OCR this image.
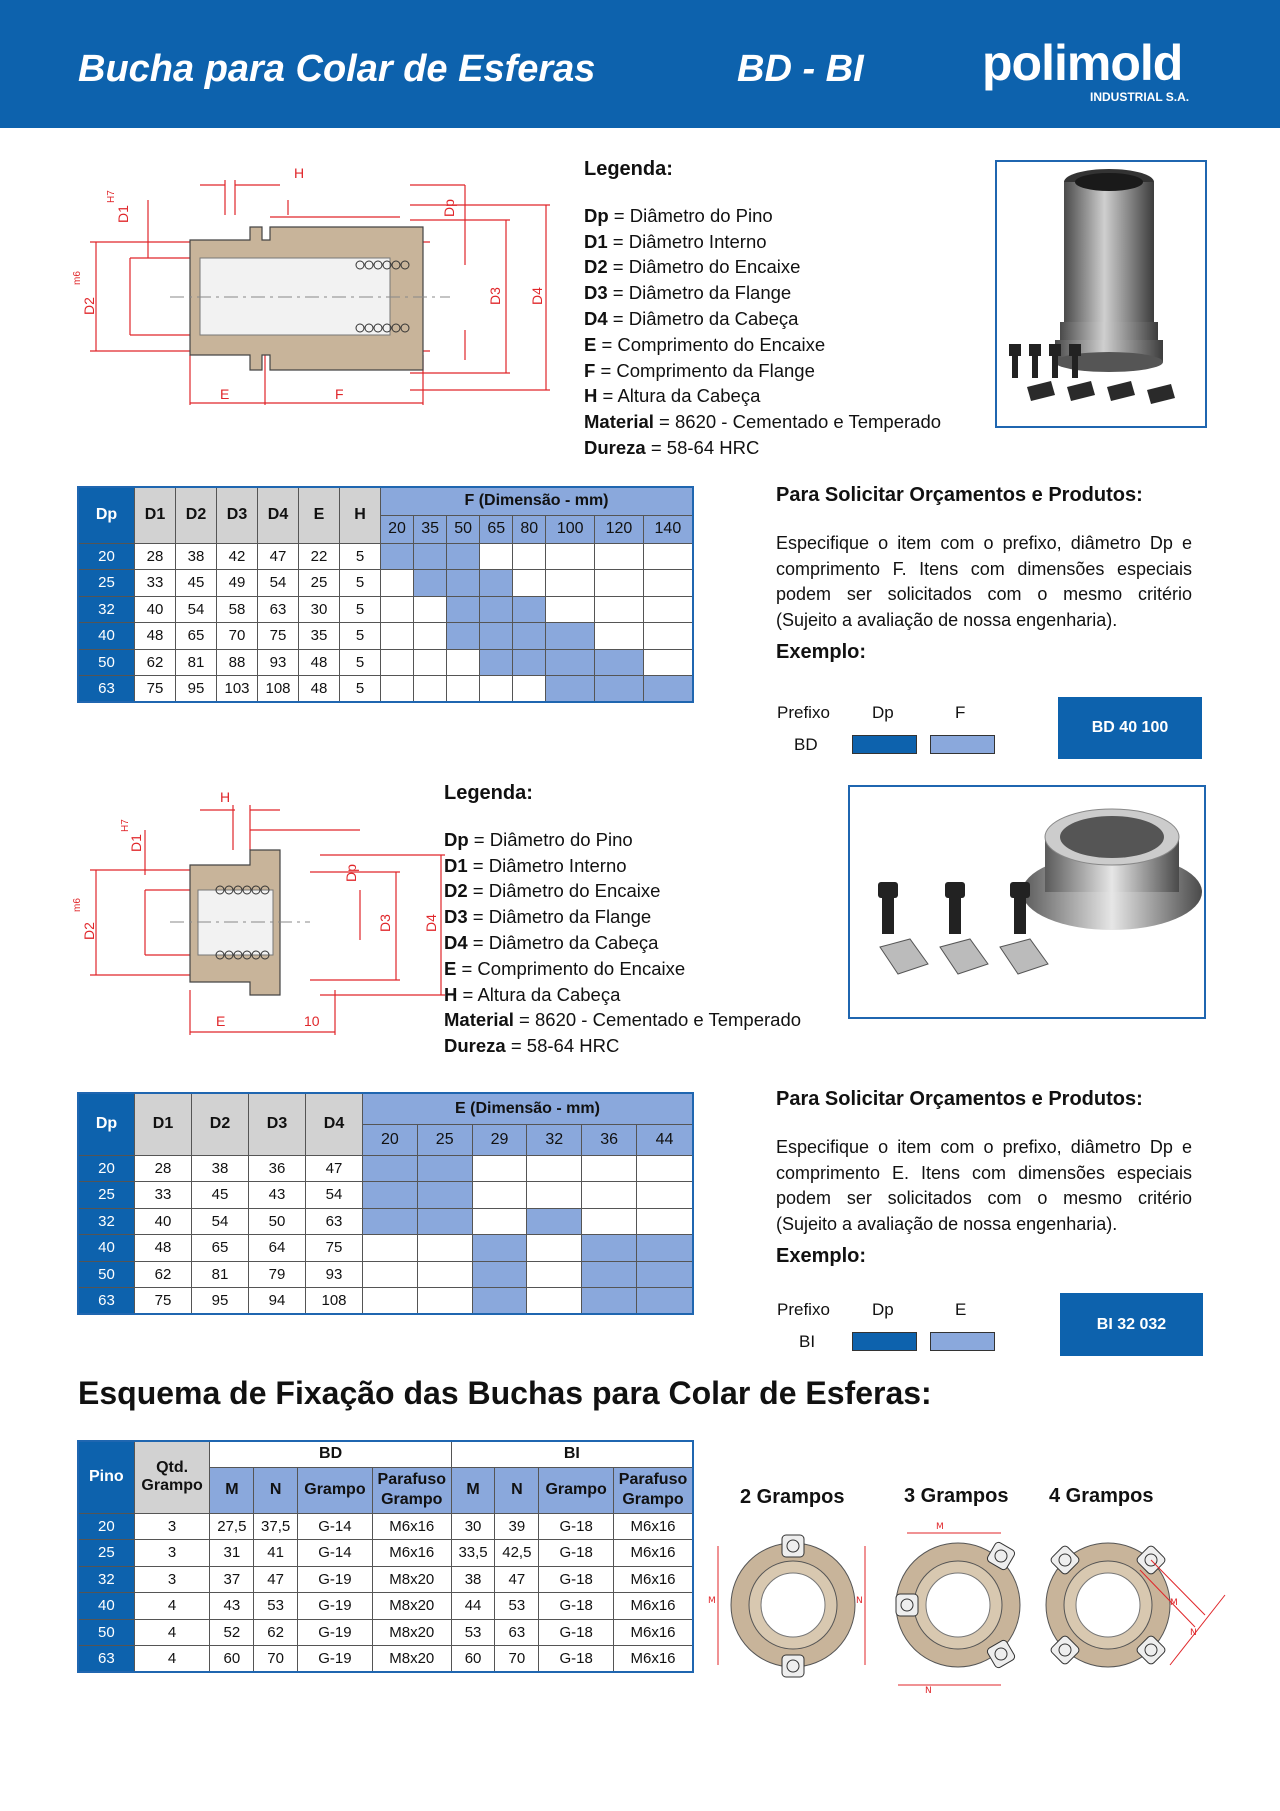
Bucha para Colar de Esferas	BD - BI polimold
INDUSTRIAL S.A.
H
D1
H7
D2
m6
Dp
D3 D4
E	F
Legenda:
Dp = Diâmetro do Pino
D1 = Diâmetro Interno
D2 = Diâmetro do Encaixe
D3 = Diâmetro da Flange
D4 = Diâmetro da Cabeça
E = Comprimento do Encaixe
F = Comprimento da Flange
H = Altura da Cabeça
Material = 8620 - Cementado e Temperado
Dureza = 58-64 HRC
Dp	D1	D2	D3	D4	E	H	F (Dimensão - mm)							
							20	35	50	65	80	100	120	140
20	28	38	42	47	22	5								
25	33	45	49	54	25	5								
32	40	54	58	63	30	5								
40	48	65	70	75	35	5								
50	62	81	88	93	48	5								
63	75	95	103	108	48	5								
Para Solicitar Orçamentos e Produtos:
Especifique o item com o prefixo, diâmetro Dp e comprimento F. Itens com dimensões especiais podem ser solicitados com o mesmo critério (Sujeito a avaliação de nossa engenharia).
Exemplo:
Prefixo Dp	F
BD
BD 40 100
H
D1
H7
D2
m6
Dp
D3 D4
E	10
Legenda:
Dp = Diâmetro do Pino
D1 = Diâmetro Interno
D2 = Diâmetro do Encaixe
D3 = Diâmetro da Flange
D4 = Diâmetro da Cabeça
E = Comprimento do Encaixe
H = Altura da Cabeça
Material = 8620 - Cementado e Temperado
Dureza = 58-64 HRC
Dp	D1	D2	D3	D4	E (Dimensão - mm)					
					20	25	29	32	36	44
20	28	38	36	47						
25	33	45	43	54						
32	40	54	50	63						
40	48	65	64	75						
50	62	81	79	93						
63	75	95	94	108						
Para Solicitar Orçamentos e Produtos:
Especifique o item com o prefixo, diâmetro Dp e comprimento E. Itens com dimensões especiais podem ser solicitados com o mesmo critério (Sujeito a avaliação de nossa engenharia).
Exemplo:
Prefixo Dp	E
BI
BI 32 032
Esquema de Fixação das Buchas para Colar de Esferas:
Pino	Qtd. Grampo	BD				BI			
		M	N	Grampo	Parafuso Grampo	M	N	Grampo	Parafuso Grampo
20	3	27,5	37,5	G-14	M6x16	30	39	G-18	M6x16
25	3	31	41	G-14	M6x16	33,5	42,5	G-18	M6x16
32	3	37	47	G-19	M8x20	38	47	G-18	M6x16
40	4	43	53	G-19	M8x20	44	53	G-18	M6x16
50	4	52	62	G-19	M8x20	53	63	G-18	M6x16
63	4	60	70	G-19	M8x20	60	70	G-18	M6x16
2 Grampos	3 Grampos 4 Grampos
M	N
M
N
M
N
